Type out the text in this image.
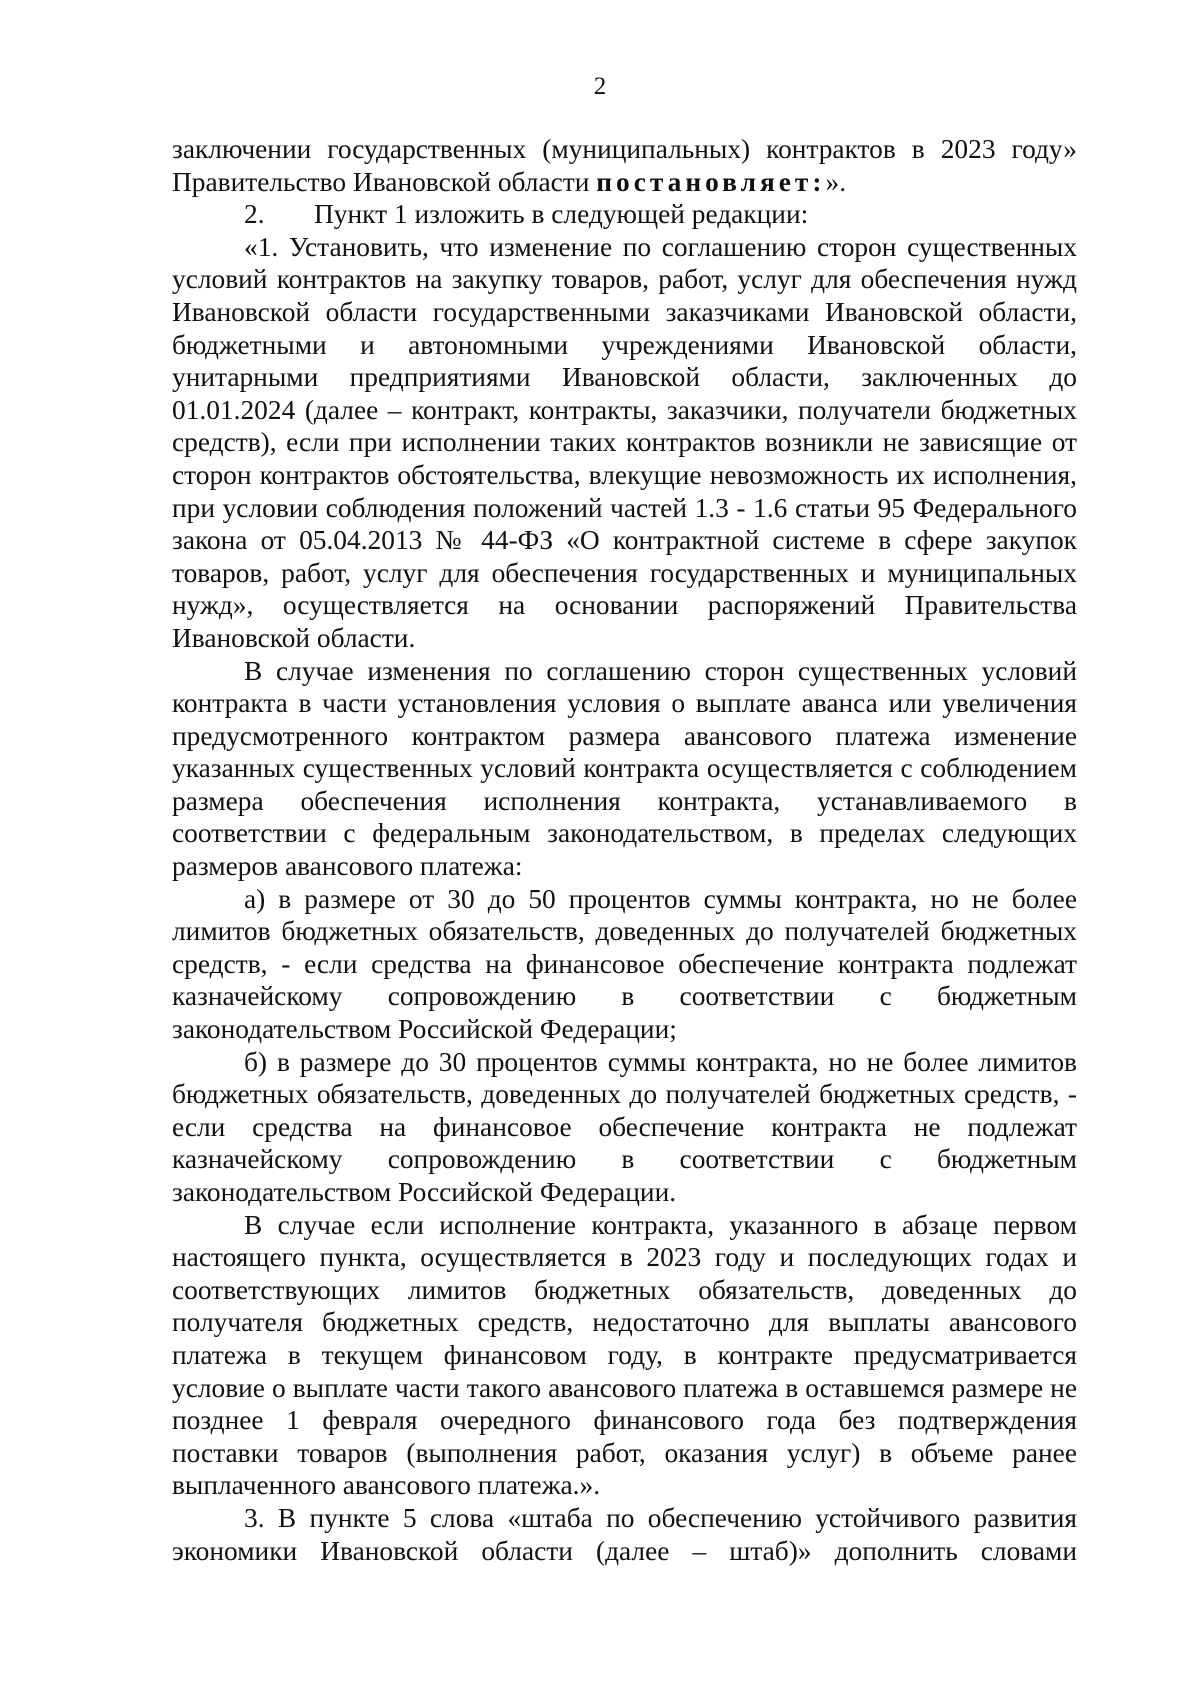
2

заключении государственных (муниципальных) контрактов в 2023 году»
Правительство Ивановской области постановляет:».

2. Пункт 1 изложить в следующей редакции:

«1. Установить, что изменение по соглашению сторон существенных условий контрактов на закупку товаров, работ, услуг для обеспечения нужд Ивановской области государственными заказчиками Ивановской области, бюджетными и автономными учреждениями Ивановской области, унитарными предприятиями Ивановской области, заключенных до 01.01.2024 (далее – контракт, контракты, заказчики, получатели бюджетных средств), если при исполнении таких контрактов возникли не зависящие от сторон контрактов обстоятельства, влекущие невозможность их исполнения, при условии соблюдения положений частей 1.3 - 1.6 статьи 95 Федерального закона от 05.04.2013 № 44-ФЗ «О контрактной системе в сфере закупок товаров, работ, услуг для обеспечения государственных и муниципальных нужд», осуществляется на основании распоряжений Правительства Ивановской области.

В случае изменения по соглашению сторон существенных условий контракта в части установления условия о выплате аванса или увеличения предусмотренного контрактом размера авансового платежа изменение указанных существенных условий контракта осуществляется с соблюдением размера обеспечения исполнения контракта, устанавливаемого в соответствии с федеральным законодательством, в пределах следующих размеров авансового платежа:

а) в размере от 30 до 50 процентов суммы контракта, но не более лимитов бюджетных обязательств, доведенных до получателей бюджетных средств, - если средства на финансовое обеспечение контракта подлежат казначейскому сопровождению в соответствии с бюджетным законодательством Российской Федерации;

б) в размере до 30 процентов суммы контракта, но не более лимитов бюджетных обязательств, доведенных до получателей бюджетных средств, - если средства на финансовое обеспечение контракта не подлежат казначейскому сопровождению в соответствии с бюджетным законодательством Российской Федерации.

В случае если исполнение контракта, указанного в абзаце первом настоящего пункта, осуществляется в 2023 году и последующих годах и соответствующих лимитов бюджетных обязательств, доведенных до получателя бюджетных средств, недостаточно для выплаты авансового платежа в текущем финансовом году, в контракте предусматривается условие о выплате части такого авансового платежа в оставшемся размере не позднее 1 февраля очередного финансового года без подтверждения поставки товаров (выполнения работ, оказания услуг) в объеме ранее выплаченного авансового платежа.».

3. В пункте 5 слова «штаба по обеспечению устойчивого развития экономики Ивановской области (далее – штаб)» дополнить словами
